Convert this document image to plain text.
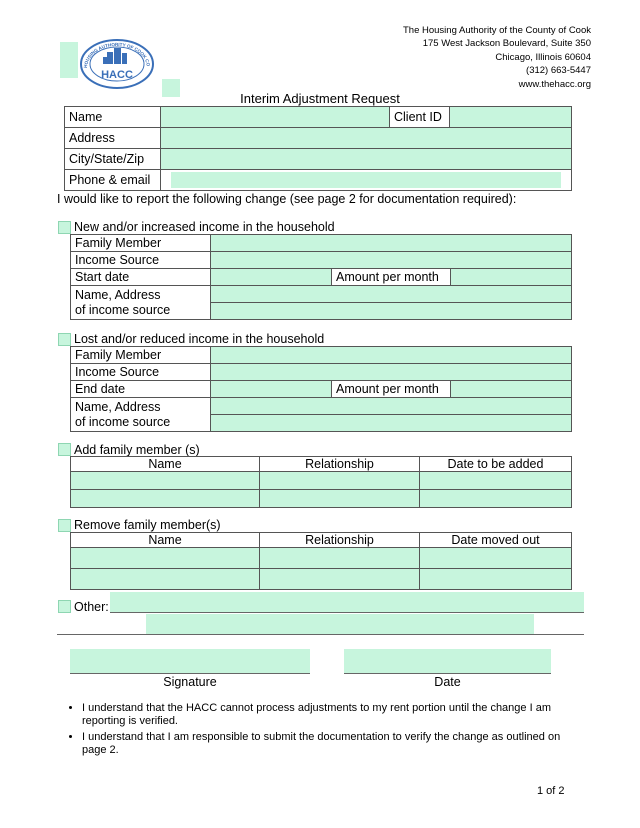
The Housing Authority of the County of Cook
175 West Jackson Boulevard, Suite 350
Chicago, Illinois 60604
(312) 663-5447
www.thehacc.org
HOUSING AUTHORITY OF COOK CO
HACC
Interim Adjustment Request
Name		Client ID	
Address			
City/State/Zip			
Phone & email			
I would like to report the following change (see page 2 for documentation required):
New and/or increased income in the household
Family Member			
Income Source			
Start date		Amount per month	

Name, Address
of income source			

Lost and/or reduced income in the household
Family Member			
Income Source			
End date		Amount per month	

Name, Address
of income source			

Add family member (s)
Name	Relationship	Date to be added

Remove family member(s)
Name	Relationship	Date moved out

Other:
Signature	Date
• I understand that the HACC cannot process adjustments to my rent portion until the change I am reporting is verified.
• I understand that I am responsible to submit the documentation to verify the change as outlined on page 2.
1 of 2
